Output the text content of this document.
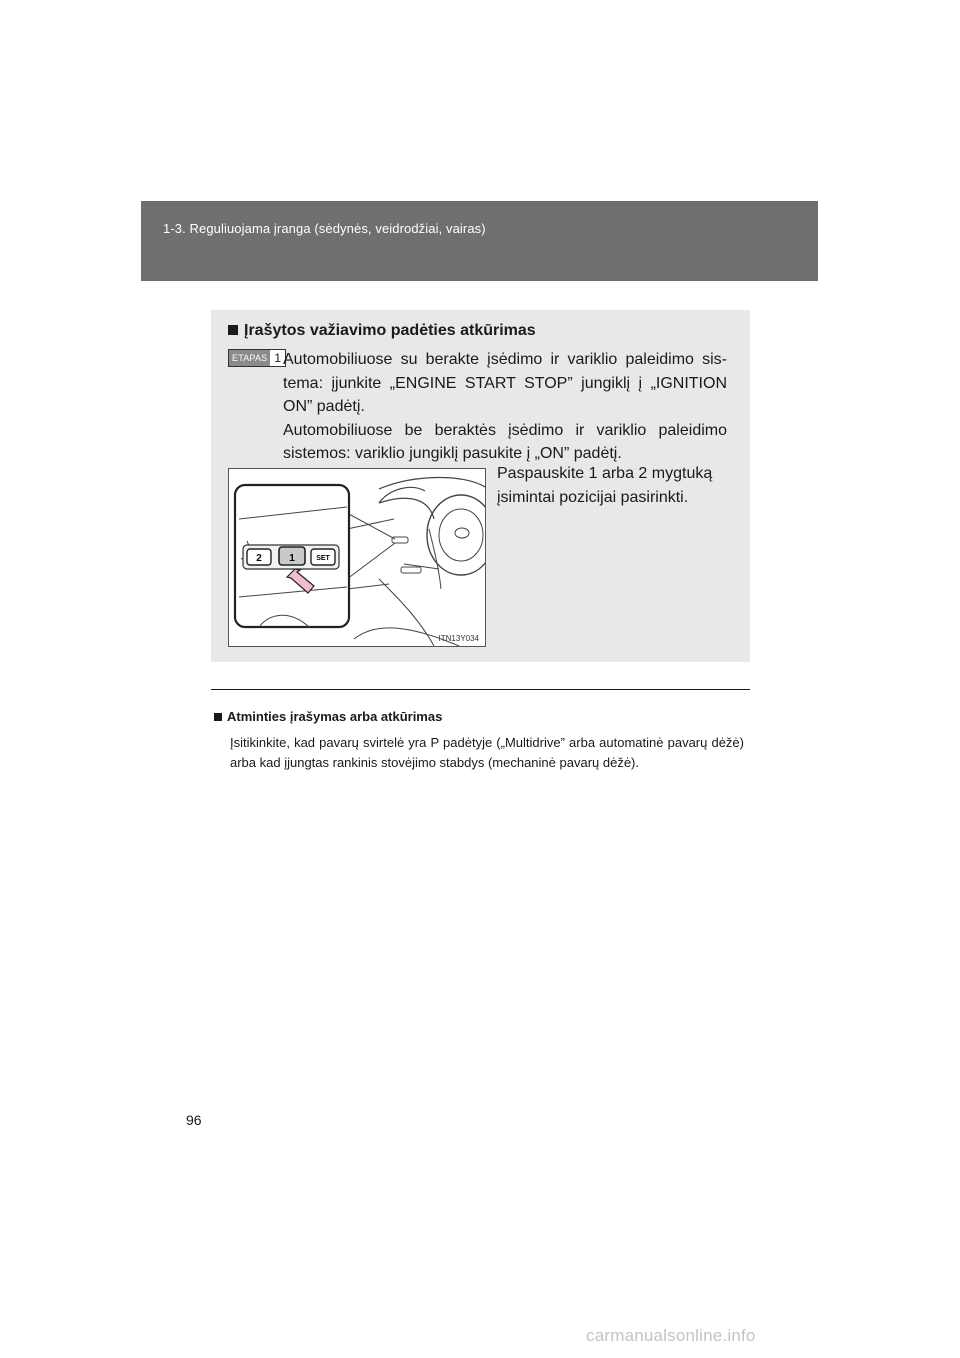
1-3. Reguliuojama įranga (sėdynės, veidrodžiai, vairas)
Įrašytos važiavimo padėties atkūrimas
ETAPAS 1 Automobiliuose su berakte įsėdimo ir variklio paleidimo sis-tema: įjunkite „ENGINE START STOP” jungiklį į „IGNITION ON” padėtį.

Automobiliuose be beraktės įsėdimo ir variklio paleidimo sistemos: variklio jungiklį pasukite į „ON” padėtį.

2	1	SET
ITN13Y034
Paspauskite 1 arba 2 mygtuką įsimintai pozicijai pasirinkti.
Atminties įrašymas arba atkūrimas
Įsitikinkite, kad pavarų svirtelė yra P padėtyje („Multidrive” arba automatinė pavarų dėžė) arba kad įjungtas rankinis stovėjimo stabdys (mechaninė pavarų dėžė).
96
carmanualsonline.info
